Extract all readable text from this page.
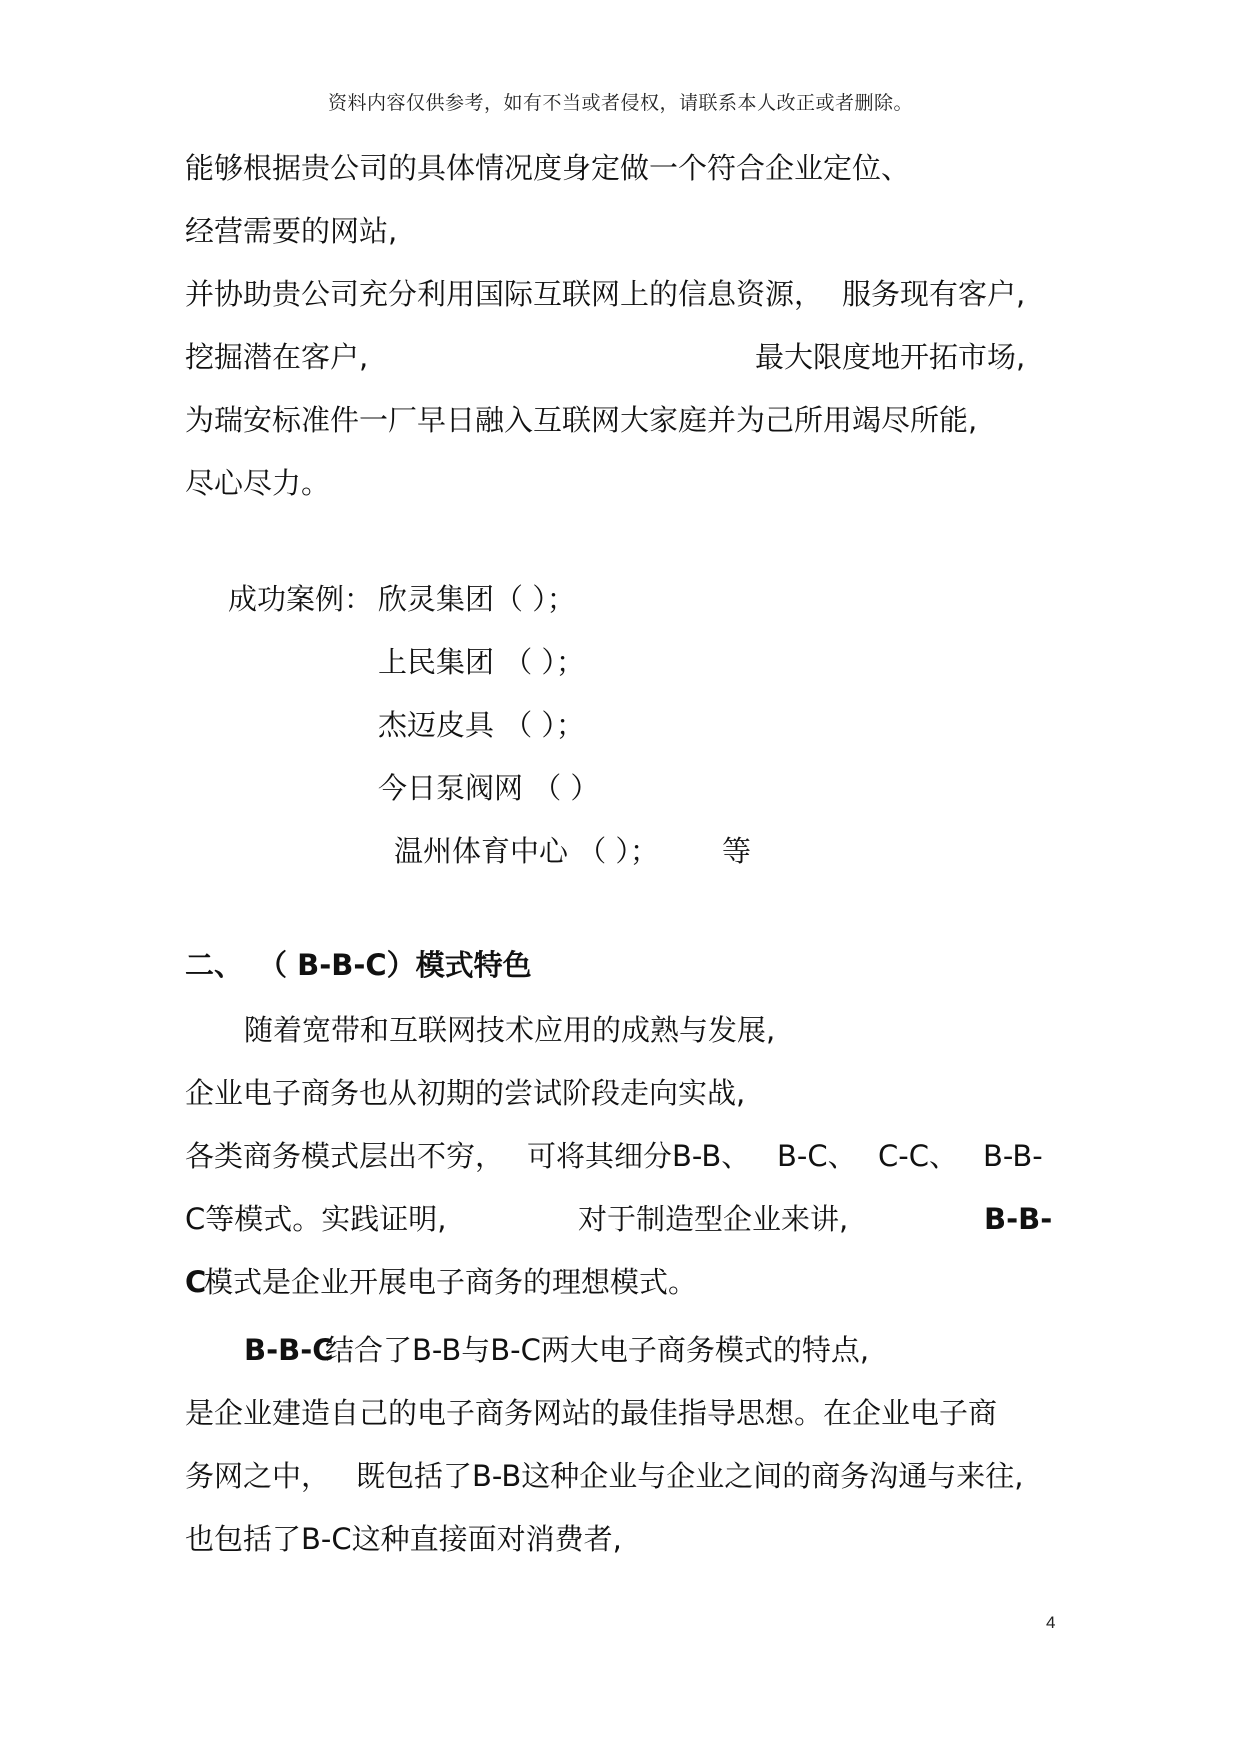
资料内容仅供参考，如有不当或者侵权，请联系本人改正或者删除。
能够根据贵公司的具体情况度身定做一个符合企业定位、
经营需要的网站,
并协助贵公司充分利用国际互联网上的信息资源， 服务现有客户,
挖掘潜在客户,	最大限度地开拓市场,
为瑞安标准件一厂早日融入互联网大家庭并为己所用竭尽所能,
尽心尽力。
成功案例： 欣灵集团（ ）；
上民集团 （ ）；
杰迈皮具 （ ）；
今日泵阀网 （ ）
温州体育中心 （ ）； 等
二、 （ B-B-C）模式特色
随着宽带和互联网技术应用的成熟与发展,
企业电子商务也从初期的尝试阶段走向实战,
各类商务模式层出不穷， 可将其细分B-B、 B-C、 C-C、 B-B-
C等模式。实践证明,	对于制造型企业来讲,	B-B-
C
模式是企业开展电子商务的理想模式。
B-B-C
结合了B-B与B-C两大电子商务模式的特点,
是企业建造自己的电子商务网站的最佳指导思想。在企业电子商
务网之中， 既包括了B-B这种企业与企业之间的商务沟通与来往,
也包括了B-C这种直接面对消费者,
4
